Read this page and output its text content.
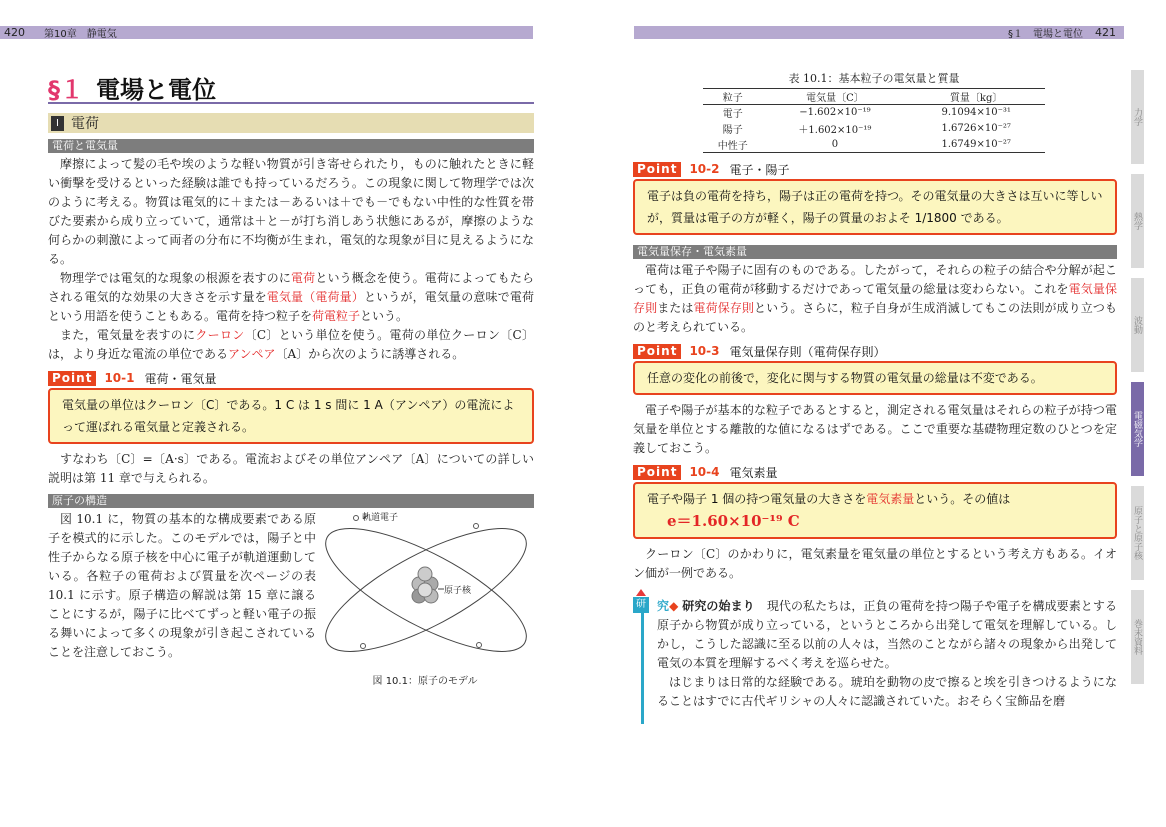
420	第10章　静電気	§１　電場と電位 421
§１ 電場と電位
Ⅰ 電荷
電荷と電気量

摩擦によって髪の毛や埃のような軽い物質が引き寄せられたり，ものに触れたときに軽い衝撃を受けるといった経験は誰でも持っているだろう。この現象に関して物理学では次のように考える。物質は電気的に＋または－あるいは＋でも－でもない中性的な性質を帯びた要素から成り立っていて，通常は＋と－が打ち消しあう状態にあるが，摩擦のような何らかの刺激によって両者の分布に不均衡が生まれ，電気的な現象が目に見えるようになる。

物理学では電気的な現象の根源を表すのに電荷という概念を使う。電荷によってもたらされる電気的な効果の大きさを示す量を電気量（電荷量）というが，電気量の意味で電荷という用語を使うこともある。電荷を持つ粒子を荷電粒子という。

また，電気量を表すのにクーロン〔C〕という単位を使う。電荷の単位クーロン〔C〕は，より身近な電流の単位であるアンペア〔A〕から次のように誘導される。

Point	10-1 電荷・電気量
電気量の単位はクーロン〔C〕である。1 C は 1 s 間に 1 A（アンペア）の電流によって運ばれる電気量と定義される。

すなわち〔C〕=〔A·s〕である。電流およびその単位アンペア〔A〕についての詳しい説明は第 11 章で与えられる。

原子の構造

図 10.1 に，物質の基本的な構成要素である原子を模式的に示した。このモデルでは，陽子と中性子からなる原子核を中心に電子が軌道運動している。各粒子の電荷および質量を次ページの表 10.1 に示す。原子構造の解説は第 15 章に譲ることにするが，陽子に比べてずっと軽い電子の振る舞いによって多くの現象が引き起こされていることを注意しておこう。

軌道電子
原子核
図 10.1：原子のモデル
表 10.1：基本粒子の電気量と質量
粒子	電気量〔C〕	質量〔kg〕
電子	−1.602×10⁻¹⁹	9.1094×10⁻³¹
陽子	＋1.602×10⁻¹⁹	1.6726×10⁻²⁷
中性子	0	1.6749×10⁻²⁷
Point	10-2 電子・陽子
電子は負の電荷を持ち，陽子は正の電荷を持つ。その電気量の大きさは互いに等しいが，質量は電子の方が軽く，陽子の質量のおよそ 1/1800 である。
電気量保存・電気素量

電荷は電子や陽子に固有のものである。したがって，それらの粒子の結合や分解が起こっても，正負の電荷が移動するだけであって電気量の総量は変わらない。これを電気量保存則または電荷保存則という。さらに，粒子自身が生成消滅してもこの法則が成り立つものと考えられている。

Point	10-3 電気量保存則（電荷保存則）
任意の変化の前後で，変化に関与する物質の電気量の総量は不変である。

電子や陽子が基本的な粒子であるとすると，測定される電気量はそれらの粒子が持つ電気量を単位とする離散的な値になるはずである。ここで重要な基礎物理定数のひとつを定義しておこう。

Point	10-4 電気素量
電子や陽子 1 個の持つ電気量の大きさを電気素量という。その値は
e＝1.60×10⁻¹⁹ C

クーロン〔C〕のかわりに，電気素量を電気量の単位とするという考え方もある。イオン価が一例である。

研 究◆ 研究の始まり　 現代の私たちは，正負の電荷を持つ陽子や電子を構成要素とする原子から物質が成り立っている，というところから出発して電気を理解している。しかし，こうした認識に至る以前の人々は，当然のことながら諸々の現象から出発して電気の本質を理解するべく考えを巡らせた。

はじまりは日常的な経験である。琥珀を動物の皮で擦ると埃を引きつけるようになることはすでに古代ギリシャの人々に認識されていた。おそらく宝飾品を磨

力学
熱学
波動
電磁気学
原子と原子核
巻末資料
